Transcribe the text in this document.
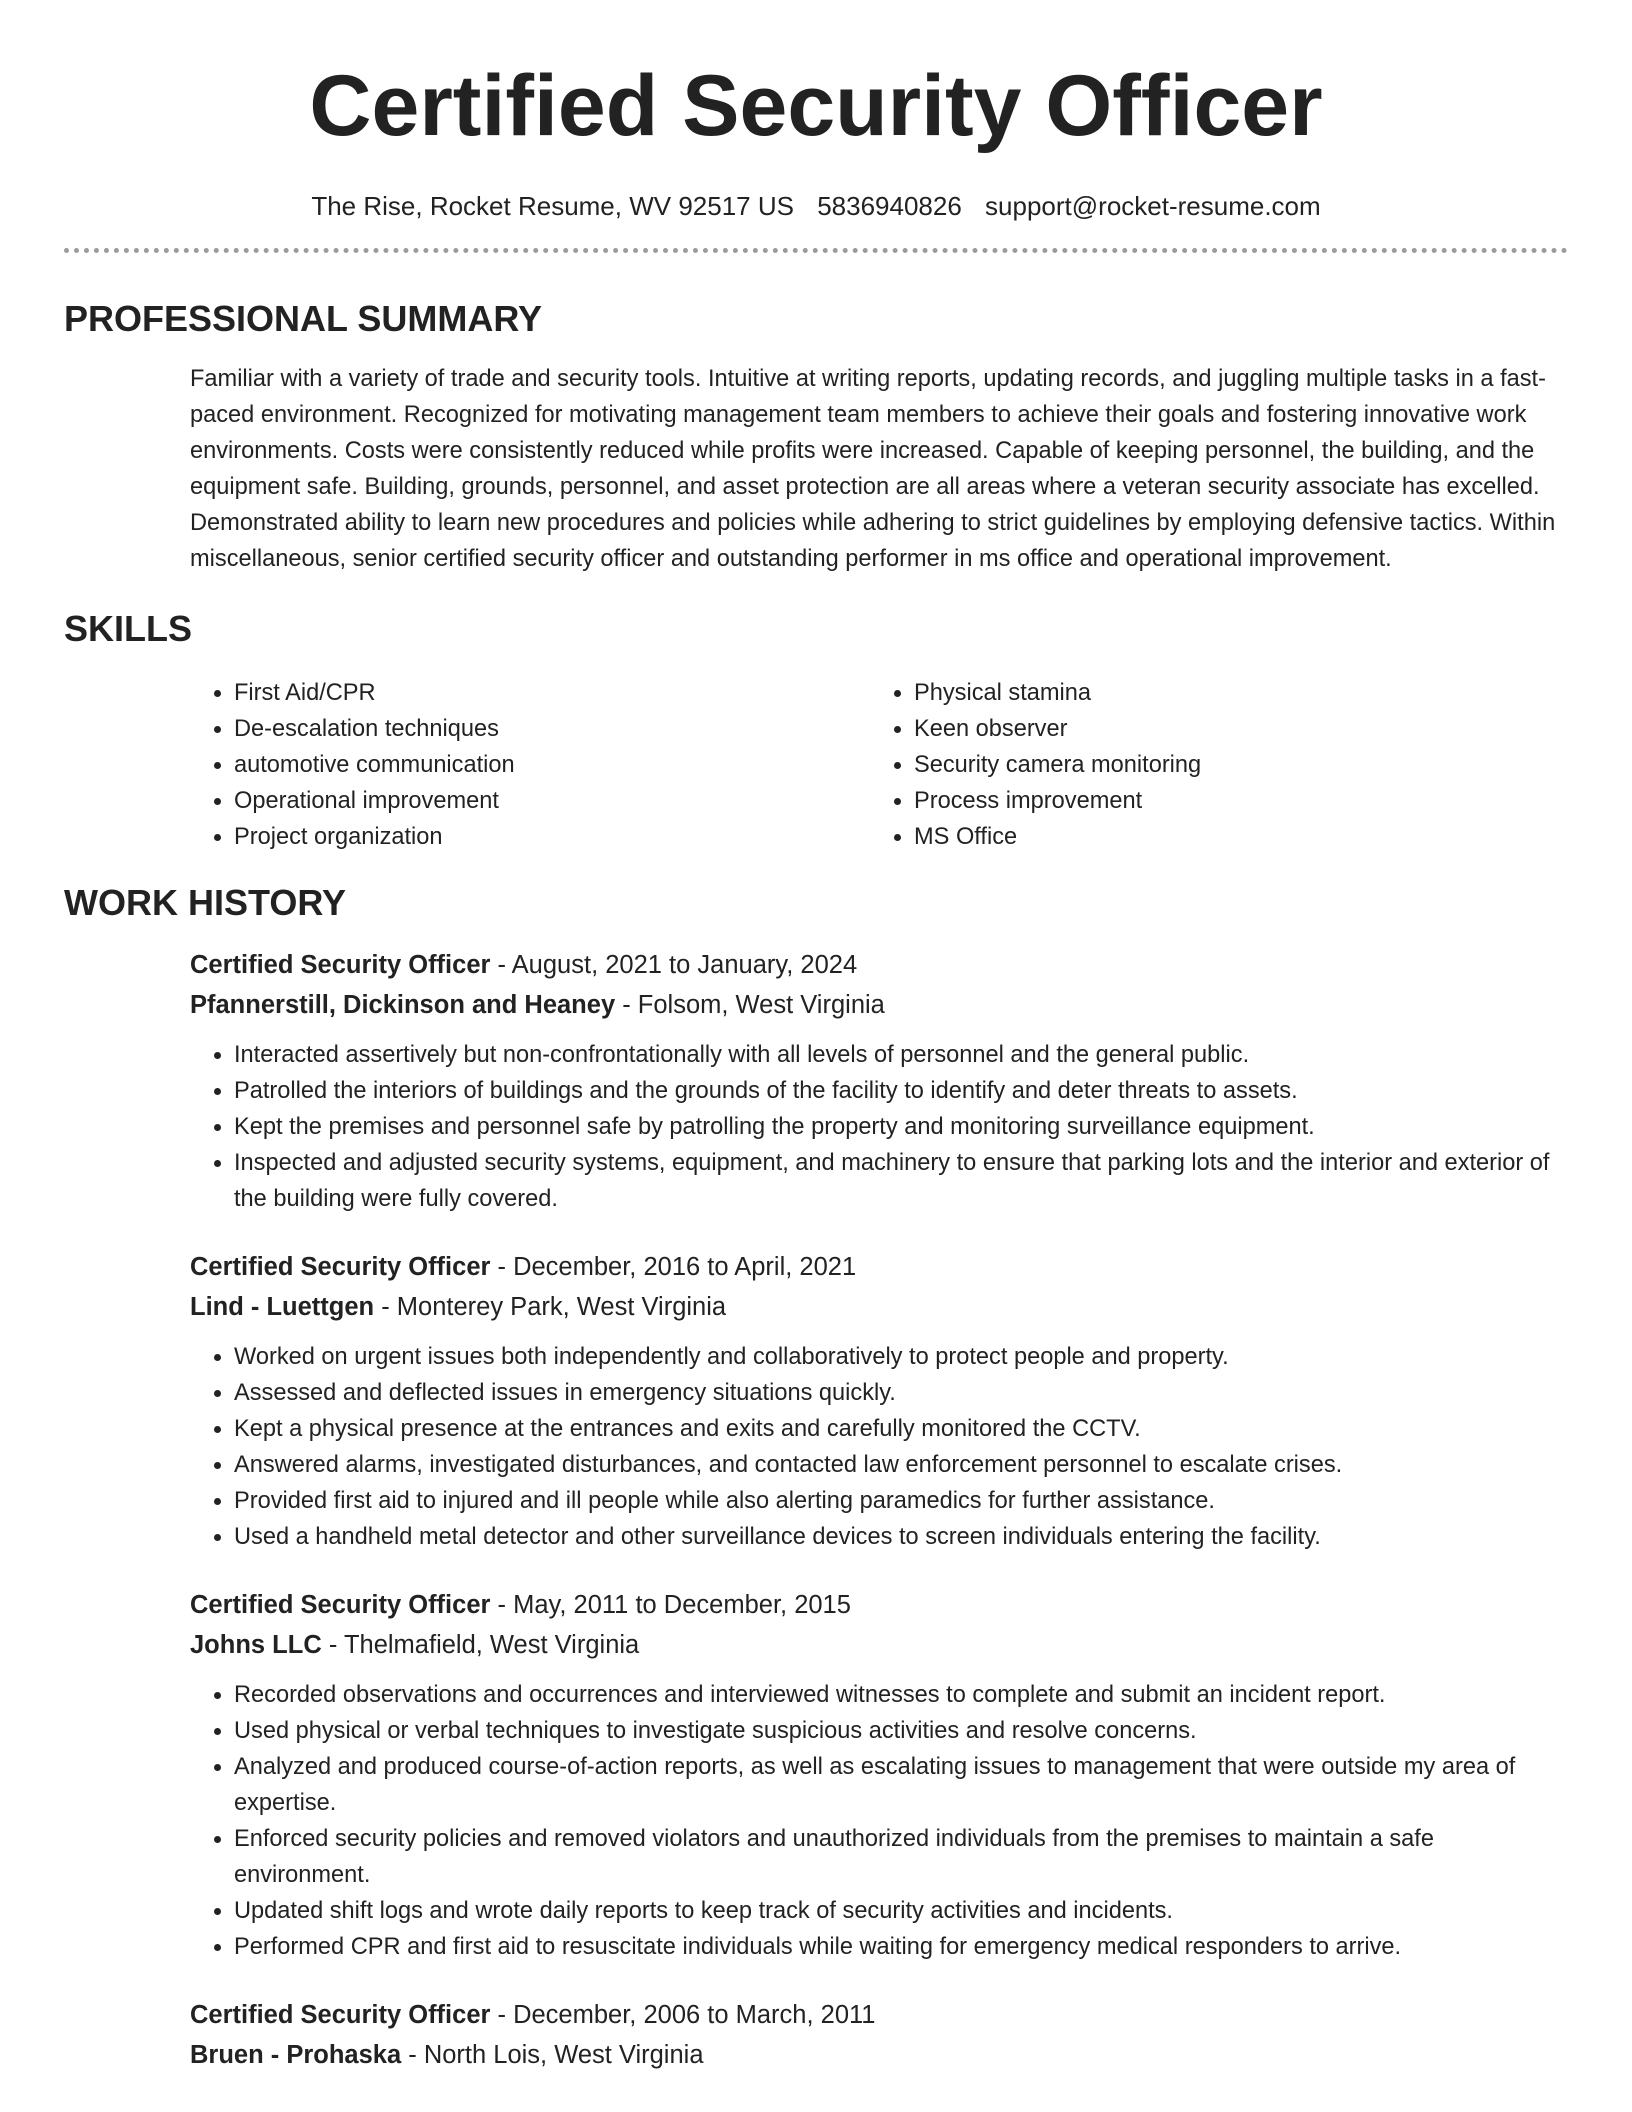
Certified Security Officer
The Rise, Rocket Resume, WV 92517 US 5836940826 support@rocket-resume.com
PROFESSIONAL SUMMARY
Familiar with a variety of trade and security tools. Intuitive at writing reports, updating records, and juggling multiple tasks in a fast-paced environment. Recognized for motivating management team members to achieve their goals and fostering innovative work environments. Costs were consistently reduced while profits were increased. Capable of keeping personnel, the building, and the equipment safe. Building, grounds, personnel, and asset protection are all areas where a veteran security associate has excelled. Demonstrated ability to learn new procedures and policies while adhering to strict guidelines by employing defensive tactics. Within miscellaneous, senior certified security officer and outstanding performer in ms office and operational improvement.
SKILLS
• First Aid/CPR
• De-escalation techniques
• automotive communication
• Operational improvement
• Project organization
• Physical stamina
• Keen observer
• Security camera monitoring
• Process improvement
• MS Office
WORK HISTORY
Certified Security Officer - August, 2021 to January, 2024
Pfannerstill, Dickinson and Heaney - Folsom, West Virginia
• Interacted assertively but non-confrontationally with all levels of personnel and the general public.
• Patrolled the interiors of buildings and the grounds of the facility to identify and deter threats to assets.
• Kept the premises and personnel safe by patrolling the property and monitoring surveillance equipment.
• Inspected and adjusted security systems, equipment, and machinery to ensure that parking lots and the interior and exterior of the building were fully covered.
Certified Security Officer - December, 2016 to April, 2021
Lind - Luettgen - Monterey Park, West Virginia
• Worked on urgent issues both independently and collaboratively to protect people and property.
• Assessed and deflected issues in emergency situations quickly.
• Kept a physical presence at the entrances and exits and carefully monitored the CCTV.
• Answered alarms, investigated disturbances, and contacted law enforcement personnel to escalate crises.
• Provided first aid to injured and ill people while also alerting paramedics for further assistance.
• Used a handheld metal detector and other surveillance devices to screen individuals entering the facility.
Certified Security Officer - May, 2011 to December, 2015
Johns LLC - Thelmafield, West Virginia
• Recorded observations and occurrences and interviewed witnesses to complete and submit an incident report.
• Used physical or verbal techniques to investigate suspicious activities and resolve concerns.
• Analyzed and produced course-of-action reports, as well as escalating issues to management that were outside my area of expertise.
• Enforced security policies and removed violators and unauthorized individuals from the premises to maintain a safe environment.
• Updated shift logs and wrote daily reports to keep track of security activities and incidents.
• Performed CPR and first aid to resuscitate individuals while waiting for emergency medical responders to arrive.
Certified Security Officer - December, 2006 to March, 2011
Bruen - Prohaska - North Lois, West Virginia
